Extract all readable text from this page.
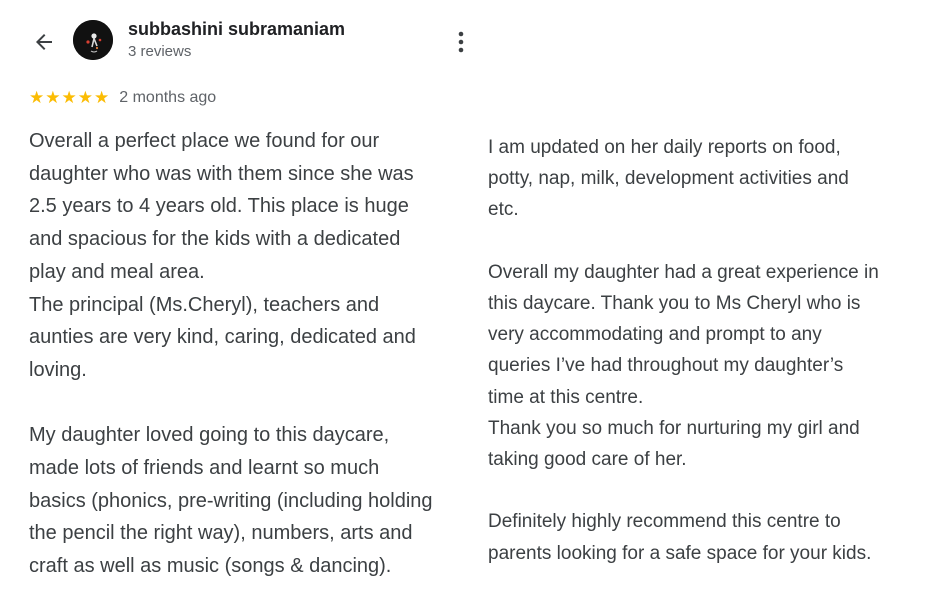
subbashini subramaniam
3 reviews
★ ★ ★ ★ ★ 2 months ago

Overall a perfect place we found for our

daughter who was with them since she was

2.5 years to 4 years old. This place is huge

and spacious for the kids with a dedicated

play and meal area.

The principal (Ms.Cheryl), teachers and

aunties are very kind, caring, dedicated and

loving.

My daughter loved going to this daycare,

made lots of friends and learnt so much

basics (phonics, pre-writing (including holding

the pencil the right way), numbers, arts and

craft as well as music (songs & dancing).

I am updated on her daily reports on food,

potty, nap, milk, development activities and

etc.

Overall my daughter had a great experience in

this daycare. Thank you to Ms Cheryl who is

very accommodating and prompt to any

queries I’ve had throughout my daughter’s

time at this centre.

Thank you so much for nurturing my girl and

taking good care of her.

Definitely highly recommend this centre to

parents looking for a safe space for your kids.
